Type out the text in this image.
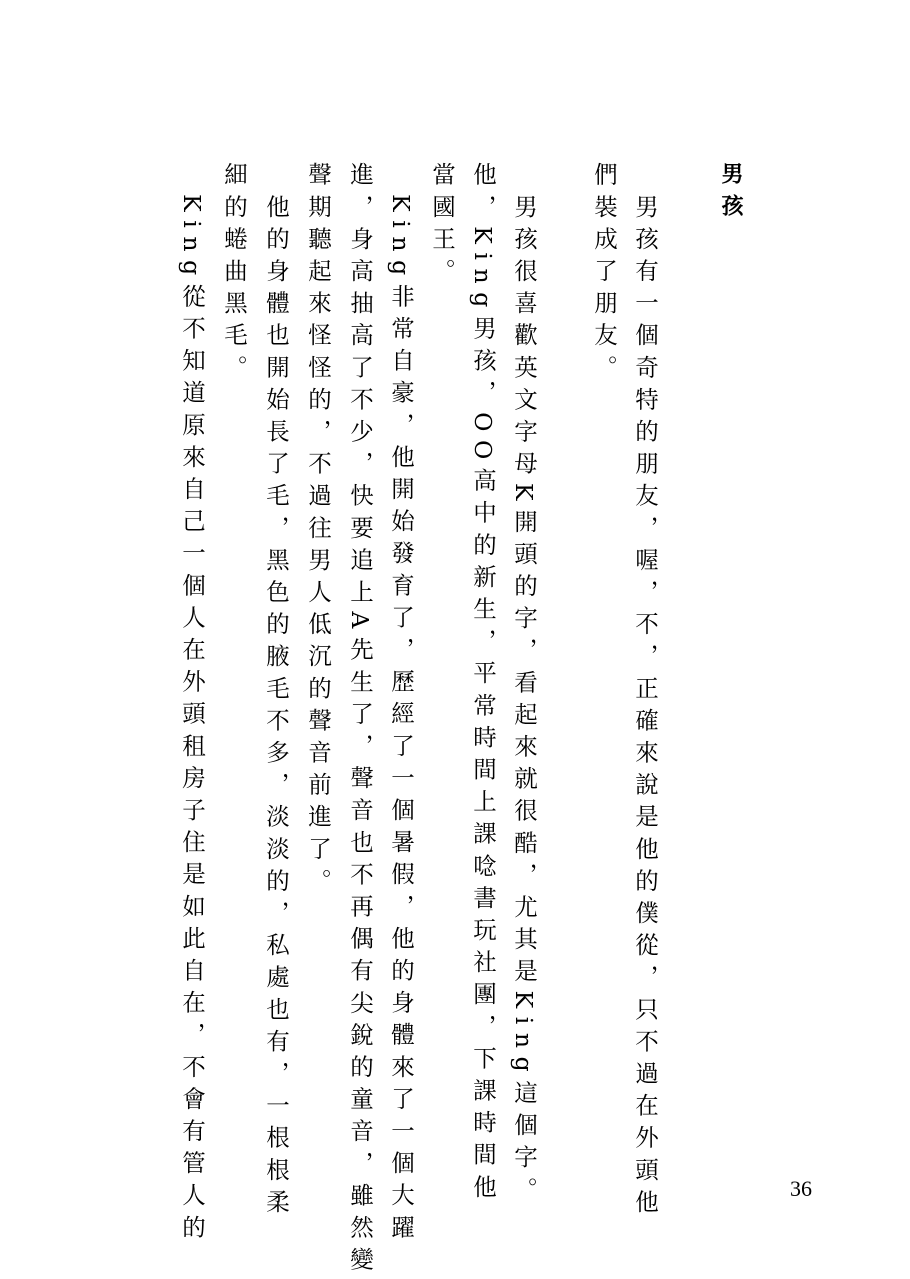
男孩
　男孩有一個奇特的朋友，喔，不，正確來說是他的僕從，只不過在外頭他
們裝成了朋友。
　男孩很喜歡英文字母K開頭的字，看起來就很酷，尤其是King這個字。
他，King男孩，OO高中的新生，平常時間上課唸書玩社團，下課時間他
當國王。
　King非常自豪，他開始發育了，歷經了一個暑假，他的身體來了一個大躍
進，身高抽高了不少，快要追上A先生了，聲音也不再偶有尖銳的童音，雖然變
聲期聽起來怪怪的，不過往男人低沉的聲音前進了。
　他的身體也開始長了毛，黑色的腋毛不多，淡淡的，私處也有，一根根柔
細的蜷曲黑毛。
　King從不知道原來自己一個人在外頭租房子住是如此自在，不會有管人的	36
